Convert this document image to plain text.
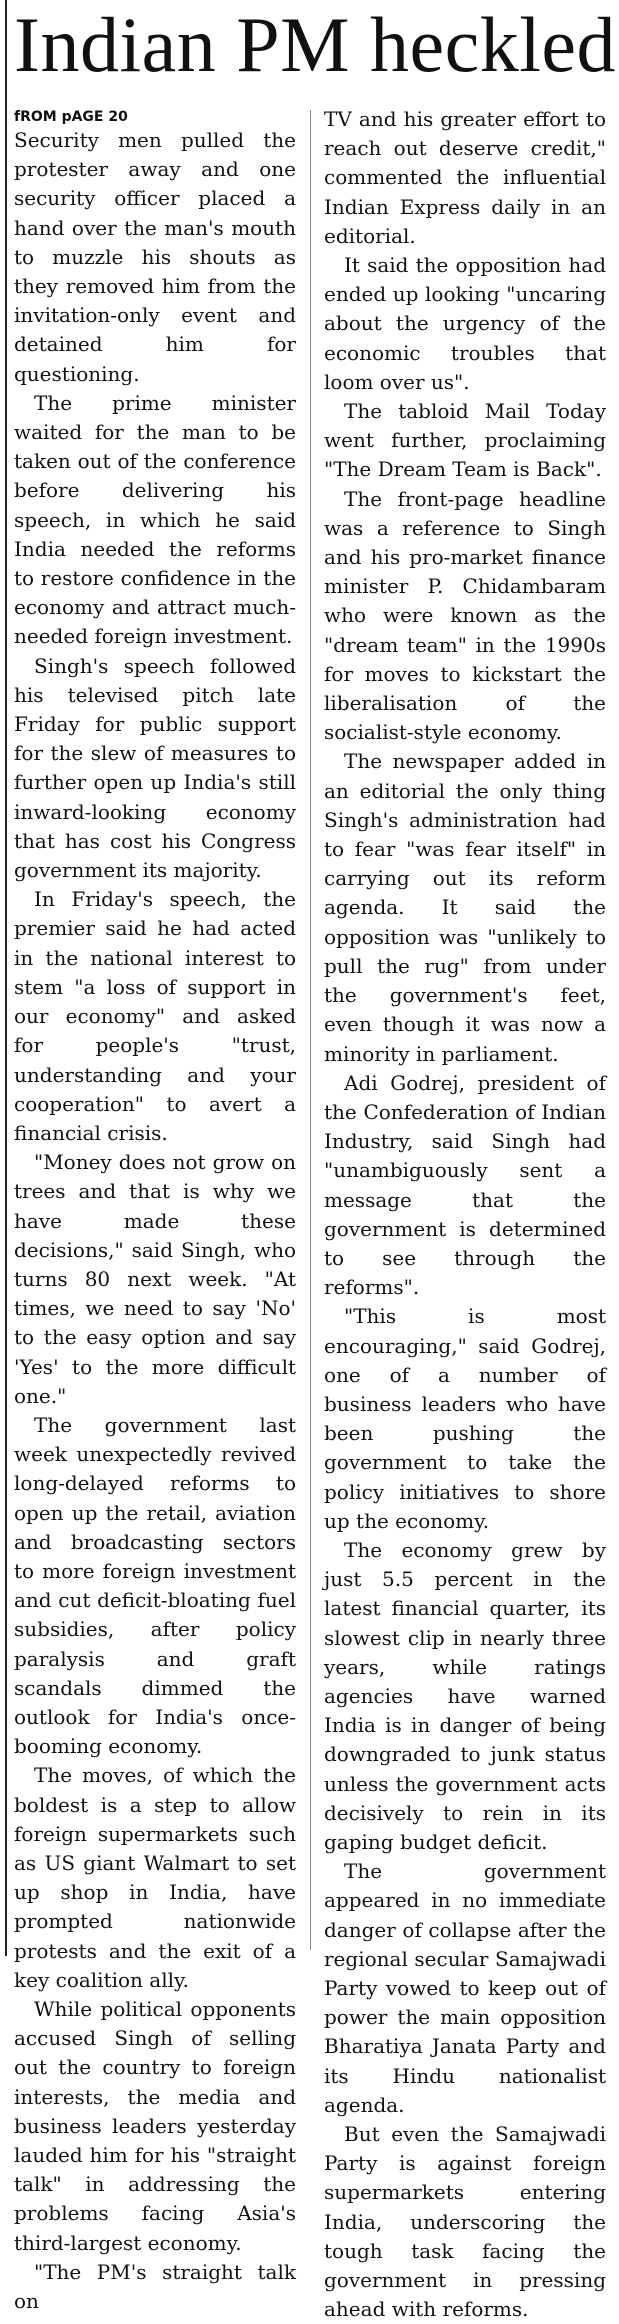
Indian PM heckled

fROM pAGE 20

Security men pulled the protester away and one security officer placed a hand over the man's mouth to muzzle his shouts as they removed him from the invitation-only event and detained him for questioning.

The prime minister waited for the man to be taken out of the conference before delivering his speech, in which he said India needed the reforms to restore confidence in the economy and attract much-needed foreign investment.

Singh's speech followed his televised pitch late Friday for public support for the slew of measures to further open up India's still inward-looking economy that has cost his Congress government its majority.

In Friday's speech, the premier said he had acted in the national interest to stem "a loss of support in our economy" and asked for people's "trust, understanding and your cooperation" to avert a financial crisis.

"Money does not grow on trees and that is why we have made these decisions," said Singh, who turns 80 next week. "At times, we need to say 'No' to the easy option and say 'Yes' to the more difficult one."

The government last week unexpectedly revived long-delayed reforms to open up the retail, aviation and broadcasting sectors to more foreign investment and cut deficit-bloating fuel subsidies, after policy paralysis and graft scandals dimmed the outlook for India's once-booming economy.

The moves, of which the boldest is a step to allow foreign supermarkets such as US giant Walmart to set up shop in India, have prompted nationwide protests and the exit of a key coalition ally.

While political opponents accused Singh of selling out the country to foreign interests, the media and business leaders yesterday lauded him for his "straight talk" in addressing the problems facing Asia's third-largest economy.

"The PM's straight talk on

TV and his greater effort to reach out deserve credit," commented the influential Indian Express daily in an editorial.

It said the opposition had ended up looking "uncaring about the urgency of the economic troubles that loom over us".

The tabloid Mail Today went further, proclaiming "The Dream Team is Back".

The front-page headline was a reference to Singh and his pro-market finance minister P. Chidambaram who were known as the "dream team" in the 1990s for moves to kickstart the liberalisation of the socialist-style economy.

The newspaper added in an editorial the only thing Singh's administration had to fear "was fear itself" in carrying out its reform agenda. It said the opposition was "unlikely to pull the rug" from under the government's feet, even though it was now a minority in parliament.

Adi Godrej, president of the Confederation of Indian Industry, said Singh had "unambiguously sent a message that the government is determined to see through the reforms".

"This is most encouraging," said Godrej, one of a number of business leaders who have been pushing the government to take the policy initiatives to shore up the economy.

The economy grew by just 5.5 percent in the latest financial quarter, its slowest clip in nearly three years, while ratings agencies have warned India is in danger of being downgraded to junk status unless the government acts decisively to rein in its gaping budget deficit.

The government appeared in no immediate danger of collapse after the regional secular Samajwadi Party vowed to keep out of power the main opposition Bharatiya Janata Party and its Hindu nationalist agenda.

But even the Samajwadi Party is against foreign supermarkets entering India, underscoring the tough task facing the government in pressing ahead with reforms.
